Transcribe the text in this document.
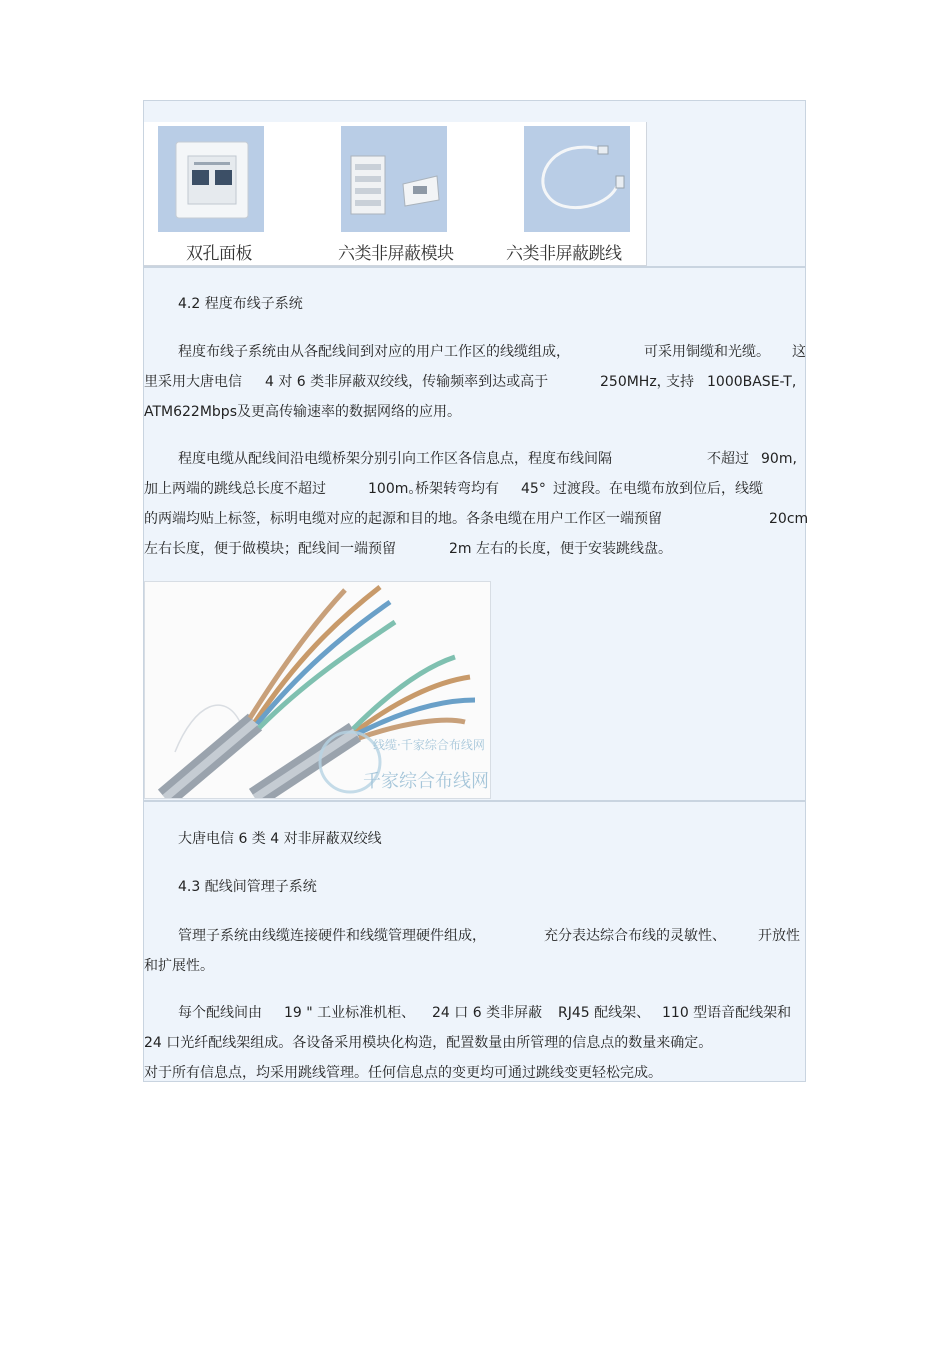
双孔面板	六类非屏蔽模块	六类非屏蔽跳线
4.2 程度布线子系统
程度布线子系统由从各配线间到对应的用户工作区的线缆组成，	可采用铜缆和光缆。 这
里采用大唐电信 4 对 6 类非屏蔽双绞线，传输频率到达或高于	250MHz，
支持 1000BASE-T,
ATM622Mbps及更高传输速率的数据网络的应用。
程度电缆从配线间沿电缆桥架分别引向工作区各信息点，程度布线间隔	不超过 90m,
加上两端的跳线总长度不超过	100m。
桥架转弯均有 45° 过渡段。在电缆布放到位后，线缆
的两端均贴上标签，标明电缆对应的起源和目的地。各条电缆在用户工作区一端预留	20cm
左右长度，便于做模块；配线间一端预留	2m 左右的长度，便于安装跳线盘。
线缆·千家综合布线网
千家综合布线网
大唐电信 6 类 4 对非屏蔽双绞线
4.3 配线间管理子系统
管理子系统由线缆连接硬件和线缆管理硬件组成，	充分表达综合布线的灵敏性、 开放性
和扩展性。
每个配线间由 19 " 工业标准机柜、 24 口 6 类非屏蔽 RJ45 配线架、 110 型语音配线架和
24 口光纤配线架组成。各设备采用模块化构造，配置数量由所管理的信息点的数量来确定。
对于所有信息点，均采用跳线管理。任何信息点的变更均可通过跳线变更轻松完成。
